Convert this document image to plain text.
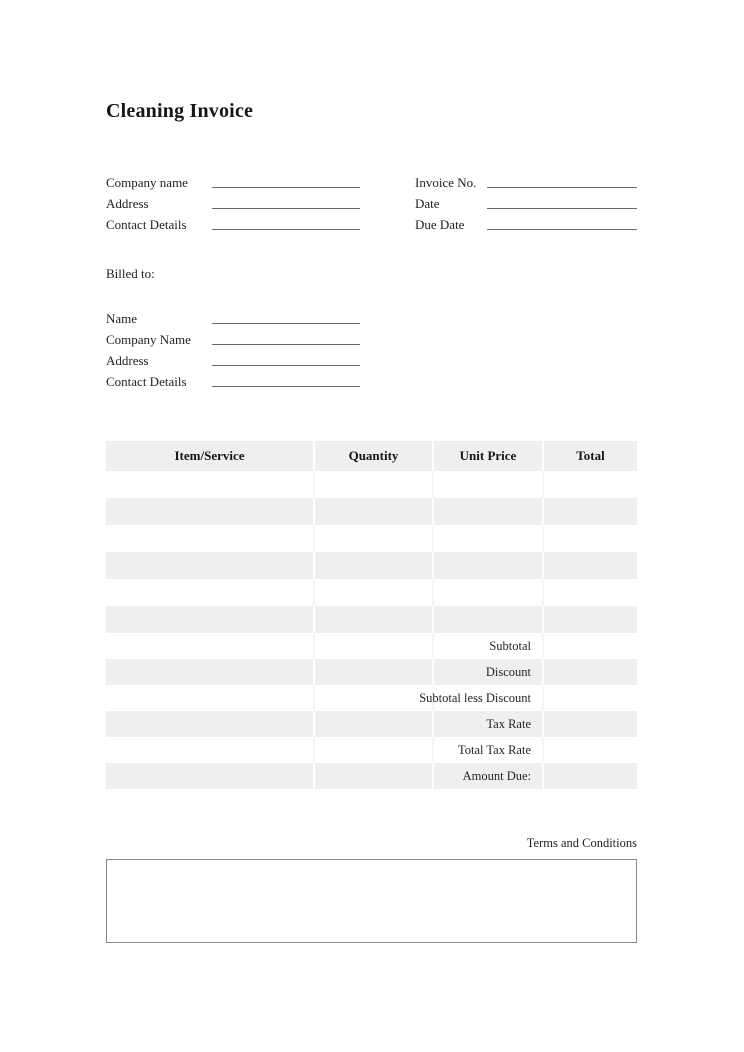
Cleaning Invoice
Company name
Address
Contact Details
Invoice No.
Date
Due Date
Billed to:
Name
Company Name
Address
Contact Details
Item/Service	Quantity	Unit Price	Total

		Subtotal	

		Discount	

		Subtotal less Discount	

		Tax Rate	

		Total Tax Rate	

		Amount Due:	

Terms and Conditions
